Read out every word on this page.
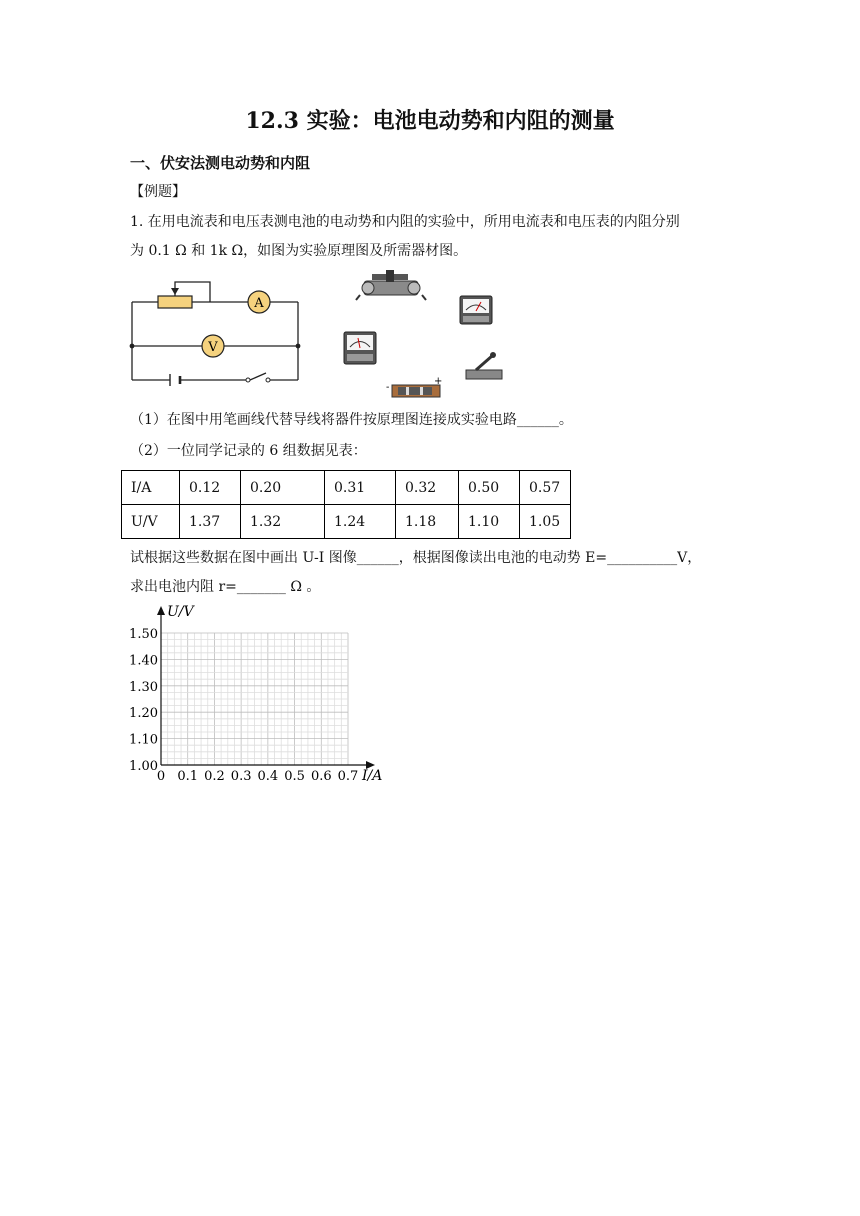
12.3 实验：电池电动势和内阻的测量
一、伏安法测电动势和内阻
【例题】
1. 在用电流表和电压表测电池的电动势和内阻的实验中，所用电流表和电压表的内阻分别
为 0.1 Ω 和 1k Ω，如图为实验原理图及所需器材图。
A
V
-
+
（1）在图中用笔画线代替导线将器件按原理图连接成实验电路______。
（2）一位同学记录的 6 组数据见表：
I/A	0.12	0.20	0.31	0.32	0.50	0.57
U/V	1.37	1.32	1.24	1.18	1.10	1.05
试根据这些数据在图中画出 U-I 图像______，根据图像读出电池的电动势 E=__________V，
求出电池内阻 r=_______ Ω 。
0 0.1 0.2 0.3 0.4 0.5 0.6 0.7
1.00
1.10
1.20
1.30
1.40
1.50
U/V
I/A
